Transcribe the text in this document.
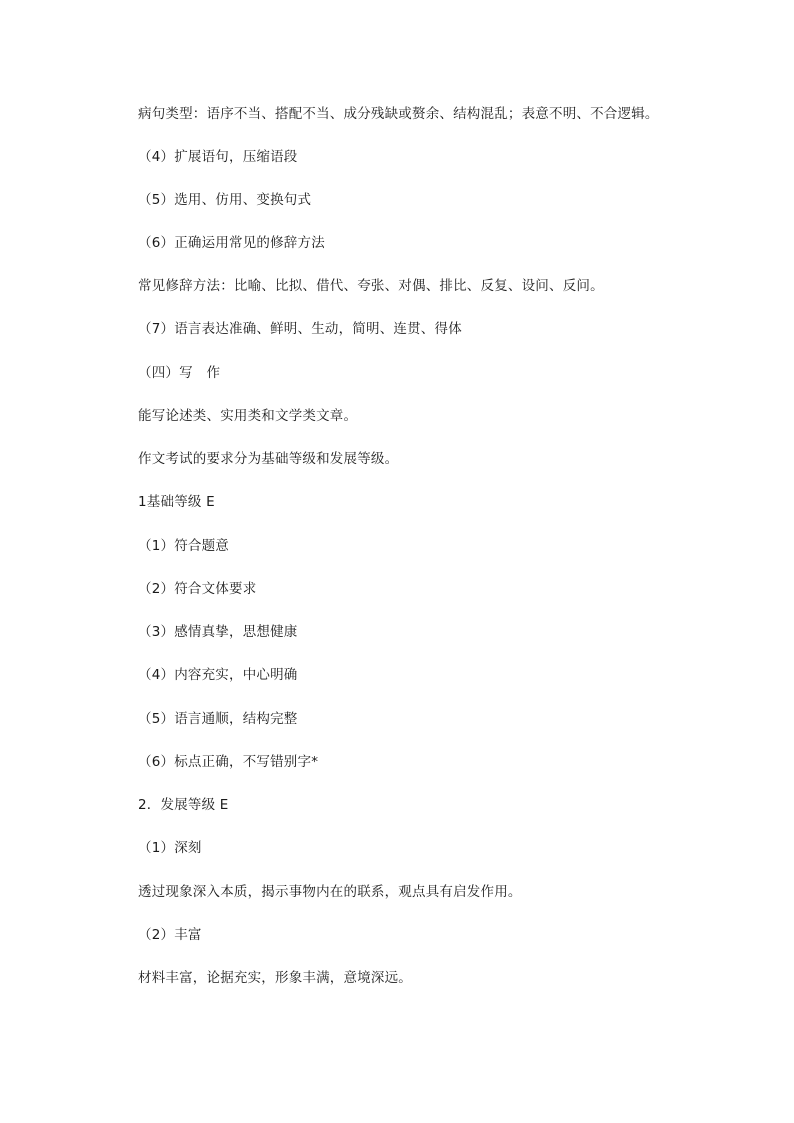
病句类型：语序不当、搭配不当、成分残缺或赘余、结构混乱；表意不明、不合逻辑。
（4）扩展语句，压缩语段
（5）选用、仿用、变换句式
（6）正确运用常见的修辞方法
常见修辞方法：比喻、比拟、借代、夸张、对偶、排比、反复、设问、反问。
（7）语言表达准确、鲜明、生动，简明、连贯、得体
（四）写　作
能写论述类、实用类和文学类文章。
作文考试的要求分为基础等级和发展等级。
1基础等级 E
（1）符合题意
（2）符合文体要求
（3）感情真挚，思想健康
（4）内容充实，中心明确
（5）语言通顺，结构完整
（6）标点正确，不写错别字*
2．发展等级 E
（1）深刻
透过现象深入本质，揭示事物内在的联系，观点具有启发作用。
（2）丰富
材料丰富，论据充实，形象丰满，意境深远。
